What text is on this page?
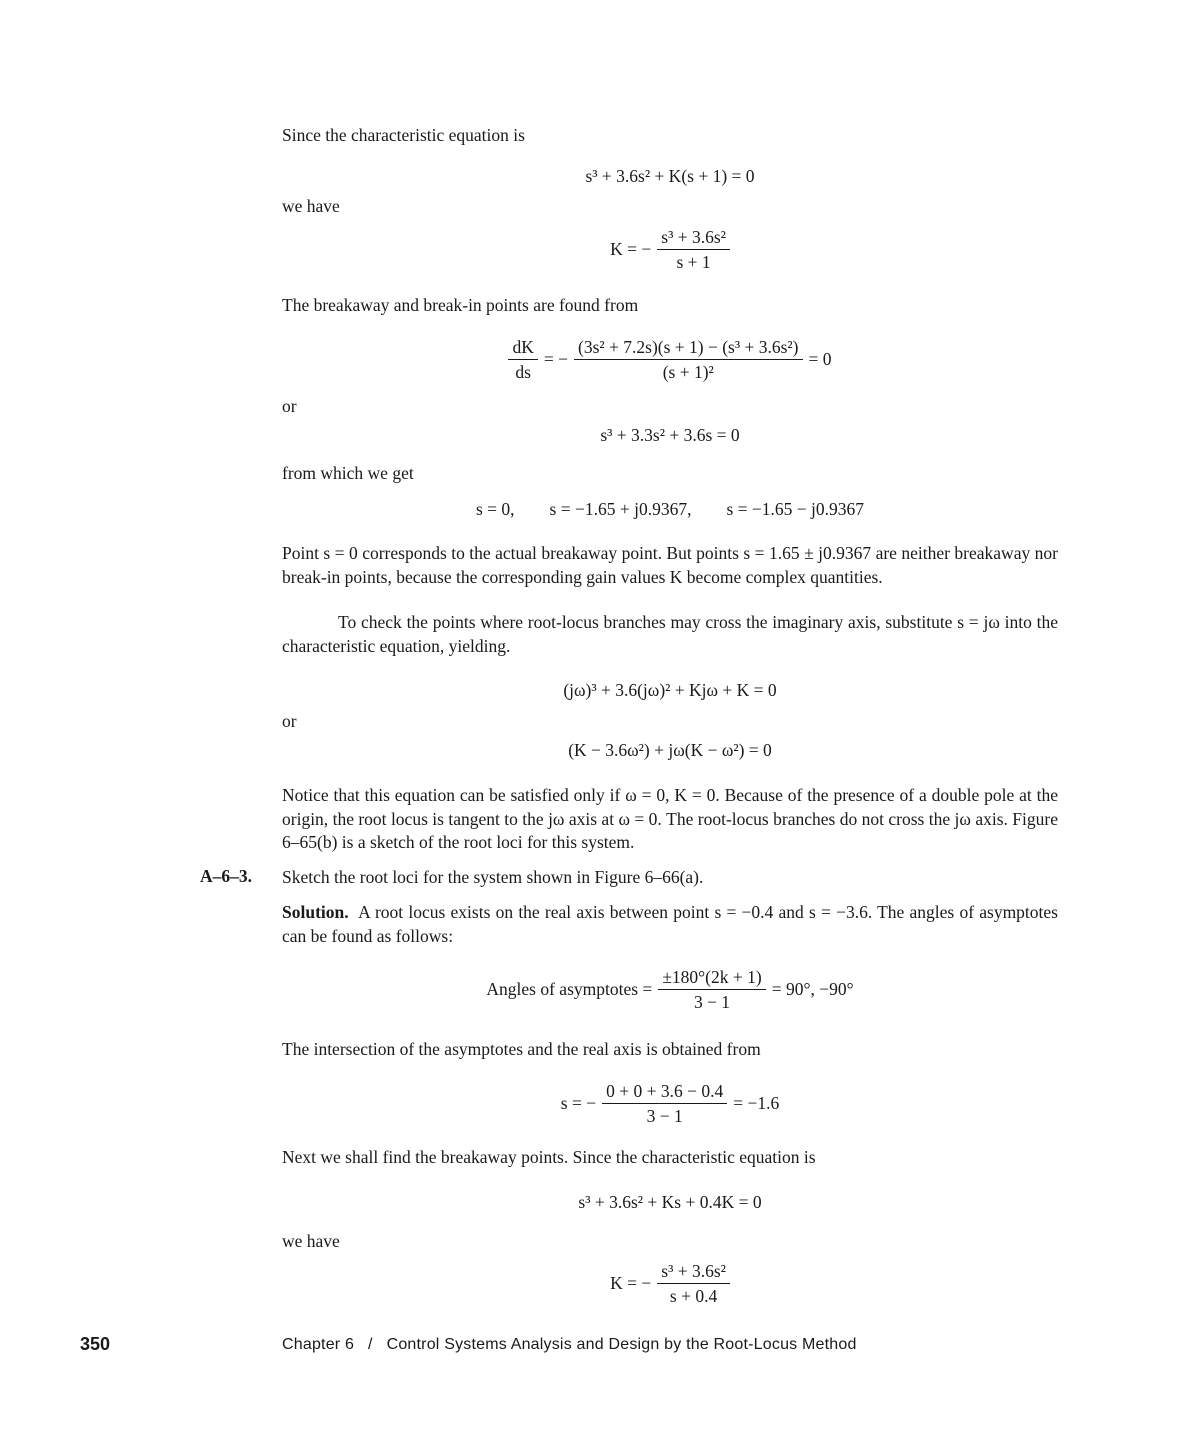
Since the characteristic equation is
s³ + 3.6s² + K(s + 1) = 0
we have
K = − $\frac{\text{s³ + 3.6s²}}{s + 1}$
The breakaway and break-in points are found from
$\frac{dK}{ds}$ = − $\frac{\text{(3s² + 7.2s)(s + 1) − (s³ + 3.6s²)}}{\text{(s + 1)²}} = 0$
or
s³ + 3.3s² + 3.6s = 0
from which we get
s = 0,        s = −1.65 + j0.9367,        s = −1.65 − j0.9367
Point s = 0 corresponds to the actual breakaway point. But points s = 1.65 ± j0.9367 are neither breakaway nor break-in points, because the corresponding gain values K become complex quantities.
To check the points where root-locus branches may cross the imaginary axis, substitute s = jω into the characteristic equation, yielding.
(jω)³ + 3.6(jω)² + Kjω + K = 0
or
(K − 3.6ω²) + jω(K − ω²) = 0
Notice that this equation can be satisfied only if ω = 0, K = 0. Because of the presence of a double pole at the origin, the root locus is tangent to the jω axis at ω = 0. The root-locus branches do not cross the jω axis. Figure 6–65(b) is a sketch of the root loci for this system.
A–6–3. Sketch the root loci for the system shown in Figure 6–66(a).
Solution. A root locus exists on the real axis between point s = −0.4 and s = −3.6. The angles of asymptotes can be found as follows:
Angles of asymptotes = $\frac{\pm 180^\circ(2k + 1)}{3 - 1} = 90^\circ$, −90°
The intersection of the asymptotes and the real axis is obtained from
s = − $\frac{0 + 0 + 3.6 - 0.4}{3 - 1} = -1.6$
Next we shall find the breakaway points. Since the characteristic equation is
s³ + 3.6s² + Ks + 0.4K = 0
we have
K = − $\frac{\text{s³ + 3.6s²}}{s + 0.4}$
350	Chapter 6   /   Control Systems Analysis and Design by the Root-Locus Method
